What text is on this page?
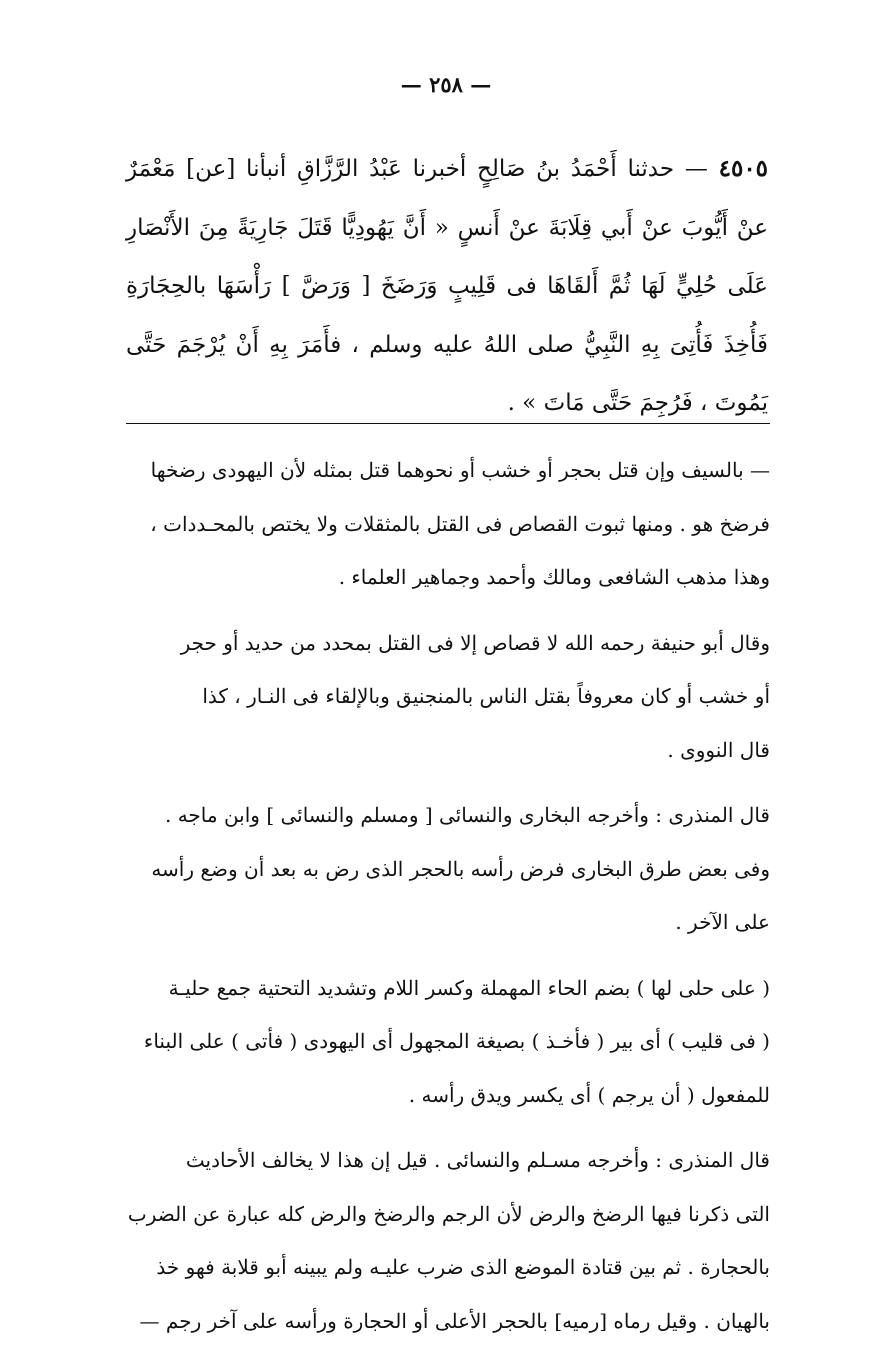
— ٢٥٨ —
٤٥٠٥ — حدثنا أَحْمَدُ بنُ صَالِحٍ أخبرنا عَبْدُ الرَّزَّاقِ أنبأنا [عن] مَعْمَرٌ عنْ أَيُّوبَ عنْ أَبي قِلَابَةَ عنْ أَنسٍ « أَنَّ يَهُودِيًّا قَتَلَ جَارِيَةً مِنَ الأَنْصَارِ عَلَى حُلِيٍّ لَهَا ثُمَّ أَلقَاهَا فى قَلِيبٍ وَرَضَخَ [ وَرَضَّ ] رَأْسَهَا بالحِجَارَةِ فَأُخِذَ فَأُتِىَ بِهِ النَّبِيُّ صلى اللهُ عليه وسلم ، فأَمَرَ بِهِ أَنْ يُرْجَمَ حَتَّى يَمُوتَ ، فَرُجِمَ حَتَّى مَاتَ » .
— بالسيف وإن قتل بحجر أو خشب أو نحوهما قتل بمثله لأن اليهودى رضخها
فرضخ هو . ومنها ثبوت القصاص فى القتل بالمثقلات ولا يختص بالمحـددات ،
وهذا مذهب الشافعى ومالك وأحمد وجماهير العلماء .
وقال أبو حنيفة رحمه الله لا قصاص إلا فى القتل بمحدد من حديد أو حجر
أو خشب أو كان معروفاً بقتل الناس بالمنجنيق وبالإلقاء فى النـار ، كذا
قال النووى .
قال المنذرى : وأخرجه البخارى والنسائى [ ومسلم والنسائى ] وابن ماجه .
وفى بعض طرق البخارى فرض رأسه بالحجر الذى رض به بعد أن وضع رأسه
على الآخر .
( على حلى لها ) بضم الحاء المهملة وكسر اللام وتشديد التحتية جمع حليـة
( فى قليب ) أى بير ( فأخـذ ) بصيغة المجهول أى اليهودى ( فأتى ) على البناء
للمفعول ( أن يرجم ) أى يكسر ويدق رأسه .
قال المنذرى : وأخرجه مسـلم والنسائى . قيل إن هذا لا يخالف الأحاديث
التى ذكرنا فيها الرضخ والرض لأن الرجم والرضخ والرض كله عبارة عن الضرب
بالحجارة . ثم بين قتادة الموضع الذى ضرب عليـه ولم يبينه أبو قلابة فهو خذ
بالهيان . وقيل رماه [رميه] بالحجر الأعلى أو الحجارة ورأسه على آخر رجم —
